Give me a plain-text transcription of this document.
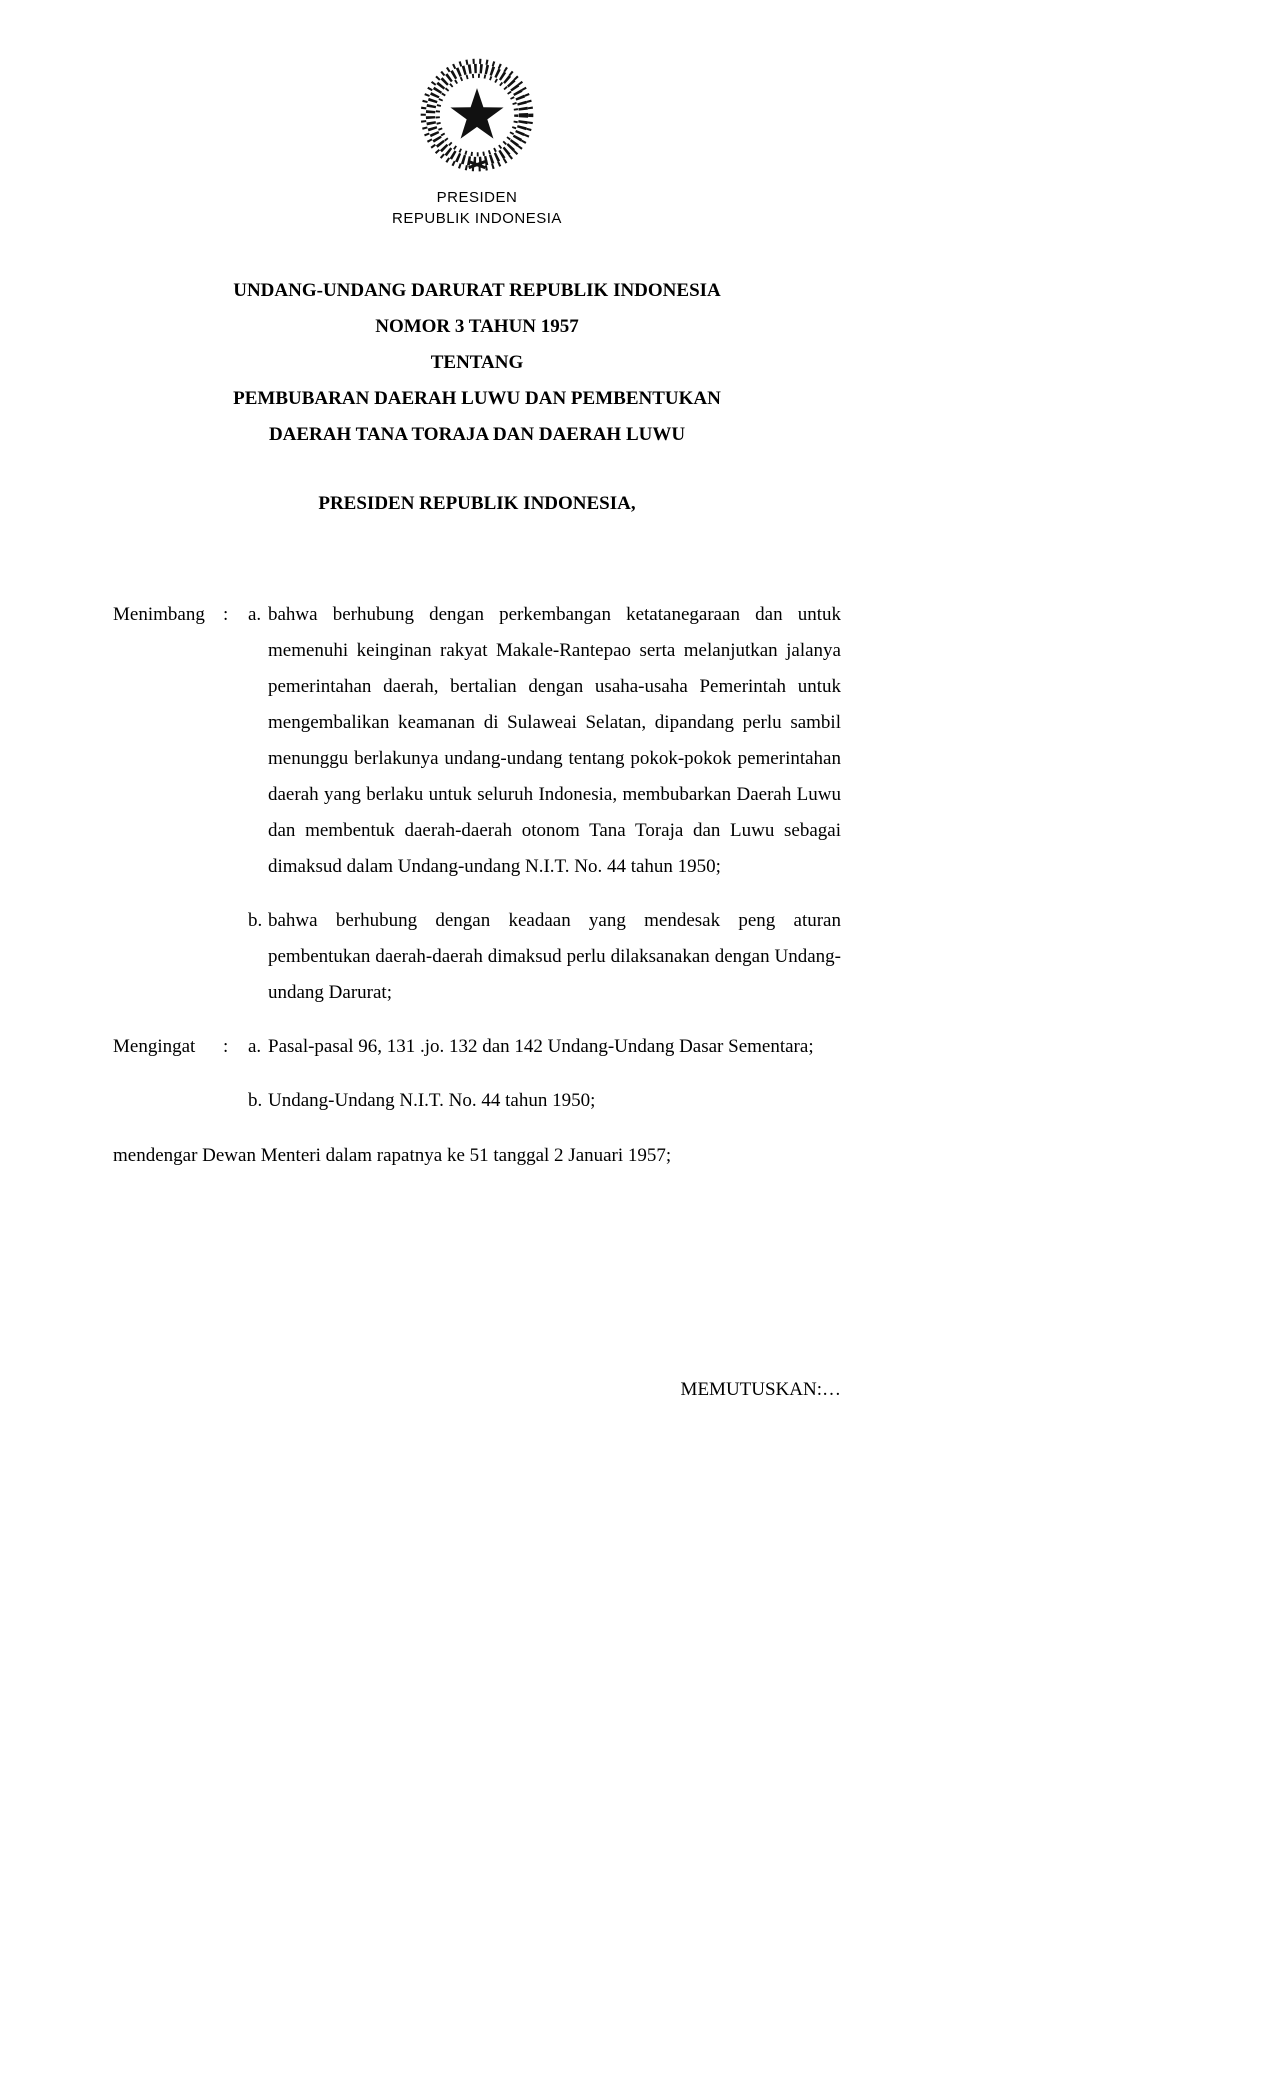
PRESIDEN
REPUBLIK INDONESIA
UNDANG-UNDANG DARURAT REPUBLIK INDONESIA
NOMOR 3 TAHUN 1957
TENTANG
PEMBUBARAN DAERAH LUWU DAN PEMBENTUKAN
DAERAH TANA TORAJA DAN DAERAH LUWU
PRESIDEN REPUBLIK INDONESIA,
Menimbang :	a. bahwa berhubung dengan perkembangan ketatanegaraan dan untuk memenuhi keinginan rakyat Makale-Rantepao serta melanjutkan jalanya pemerintahan daerah, bertalian dengan usaha-usaha Pemerintah untuk mengembalikan keamanan di Sulaweai Selatan, dipandang perlu sambil menunggu berlakunya undang-undang tentang pokok-pokok pemerintahan daerah yang berlaku untuk seluruh Indonesia, membubarkan Daerah Luwu dan membentuk daerah-daerah otonom Tana Toraja dan Luwu sebagai dimaksud dalam Undang-undang N.I.T. No. 44 tahun 1950;
b. bahwa berhubung dengan keadaan yang mendesak peng aturan pembentukan daerah-daerah dimaksud perlu dilaksanakan dengan Undang-undang Darurat;
Mengingat	:	a. Pasal-pasal 96, 131 .jo. 132 dan 142 Undang-Undang Dasar Sementara;
b. Undang-Undang N.I.T. No. 44 tahun 1950;
mendengar Dewan Menteri dalam rapatnya ke 51 tanggal 2 Januari 1957;
MEMUTUSKAN:…
